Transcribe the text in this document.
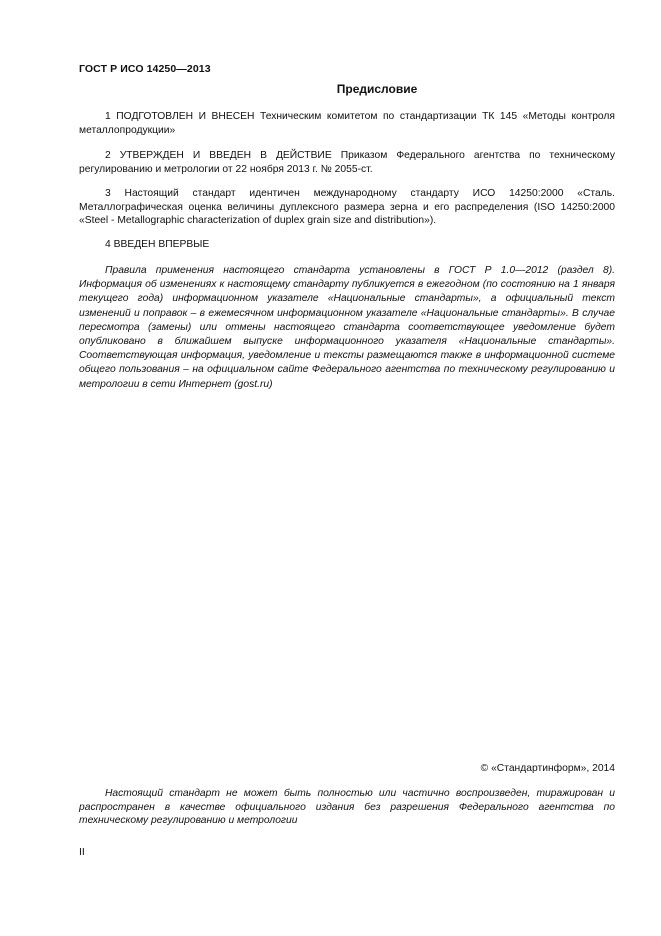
ГОСТ Р ИСО 14250—2013
Предисловие
1 ПОДГОТОВЛЕН И ВНЕСЕН Техническим комитетом по стандартизации ТК 145 «Методы контроля металлопродукции»
2 УТВЕРЖДЕН И ВВЕДЕН В ДЕЙСТВИЕ Приказом Федерального агентства по техническому регулированию и метрологии от 22 ноября 2013 г. № 2055-ст.
3 Настоящий стандарт идентичен международному стандарту ИСО 14250:2000 «Сталь. Металлографическая оценка величины дуплексного размера зерна и его распределения (ISO 14250:2000 «Steel - Metallographic characterization of duplex grain size and distribution»).
4 ВВЕДЕН ВПЕРВЫЕ
Правила применения настоящего стандарта установлены в ГОСТ Р 1.0—2012 (раздел 8). Информация об изменениях к настоящему стандарту публикуется в ежегодном (по состоянию на 1 января текущего года) информационном указателе «Национальные стандарты», а официальный текст изменений и поправок – в ежемесячном информационном указателе «Национальные стандарты». В случае пересмотра (замены) или отмены настоящего стандарта соответствующее уведомление будет опубликовано в ближайшем выпуске информационного указателя «Национальные стандарты». Соответствующая информация, уведомление и тексты размещаются также в информационной системе общего пользования – на официальном сайте Федерального агентства по техническому регулированию и метрологии в сети Интернет (gost.ru)
© «Стандартинформ», 2014
Настоящий стандарт не может быть полностью или частично воспроизведен, тиражирован и распространен в качестве официального издания без разрешения Федерального агентства по техническому регулированию и метрологии
II
